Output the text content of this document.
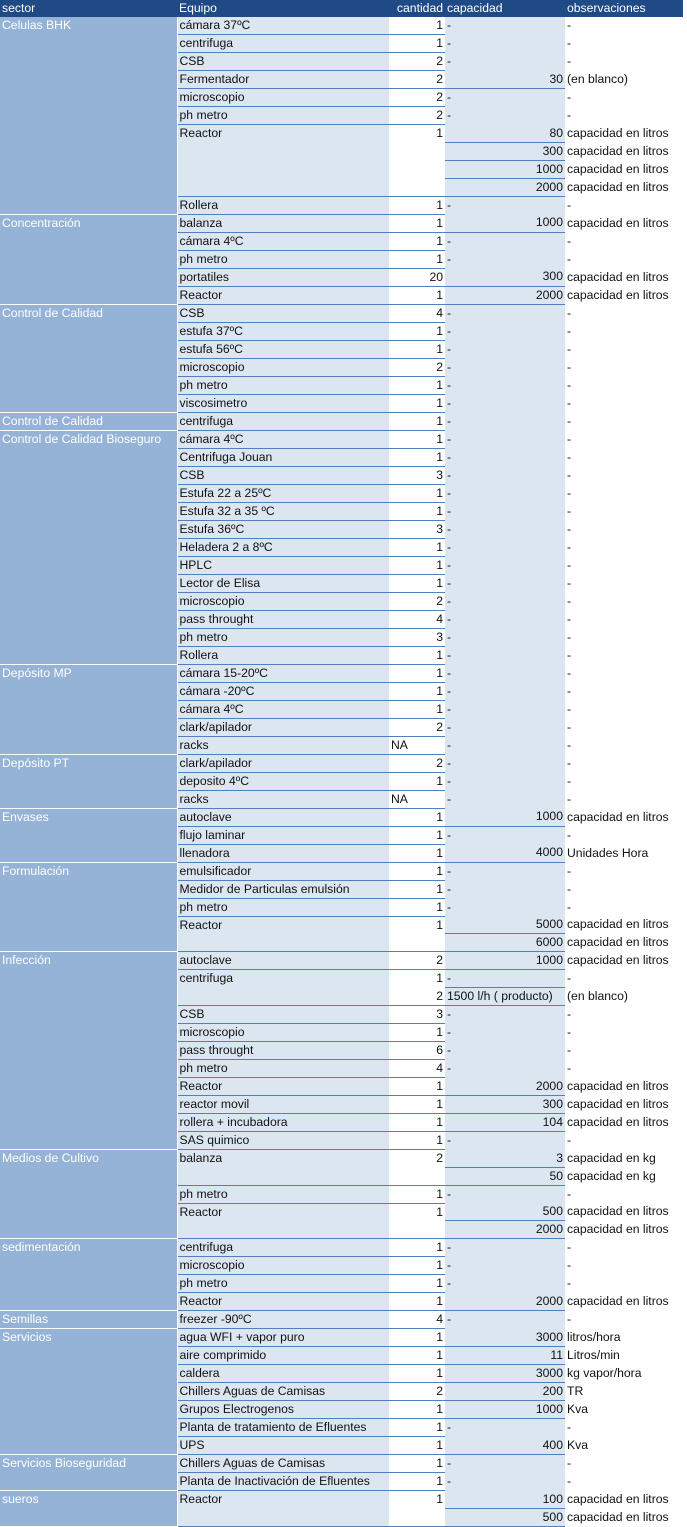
sector	Equipo	cantidad	capacidad	observaciones
Celulas BHK	cámara 37ºC	1	-	-
	centrifuga	1	-	-
	CSB	2	-	-
	Fermentador	2	30	(en blanco)
	microscopio	2	-	-
	ph metro	2	-	-
	Reactor	1	80	capacidad en litros
			300	capacidad en litros
			1000	capacidad en litros
			2000	capacidad en litros
	Rollera	1	-	-
Concentración	balanza	1	1000	capacidad en litros
	cámara 4ºC	1	-	-
	ph metro	1	-	-
	portatiles	20	300	capacidad en litros
	Reactor	1	2000	capacidad en litros
Control de Calidad	CSB	4	-	-
	estufa 37ºC	1	-	-
	estufa 56ºC	1	-	-
	microscopio	2	-	-
	ph metro	1	-	-
	viscosimetro	1	-	-
Control de Calidad	centrifuga	1	-	-
Control de Calidad Bioseguro	cámara 4ºC	1	-	-
	Centrifuga Jouan	1	-	-
	CSB	3	-	-
	Estufa 22 a 25ºC	1	-	-
	Estufa 32 a 35 ºC	1	-	-
	Estufa 36ºC	3	-	-
	Heladera 2 a 8ºC	1	-	-
	HPLC	1	-	-
	Lector de Elisa	1	-	-
	microscopio	2	-	-
	pass throught	4	-	-
	ph metro	3	-	-
	Rollera	1	-	-
Depósito MP	cámara 15-20ºC	1	-	-
	cámara -20ºC	1	-	-
	cámara 4ºC	1	-	-
	clark/apilador	2	-	-
	racks	NA	-	-
Depósito PT	clark/apilador	2	-	-
	deposito 4ºC	1	-	-
	racks	NA	-	-
Envases	autoclave	1	1000	capacidad en litros
	flujo laminar	1	-	-
	llenadora	1	4000	Unidades Hora
Formulación	emulsificador	1	-	-
	Medidor de Particulas emulsión	1	-	-
	ph metro	1	-	-
	Reactor	1	5000	capacidad en litros
			6000	capacidad en litros
Infección	autoclave	2	1000	capacidad en litros
	centrifuga	1	-	-
		2	1500 l/h ( producto)	(en blanco)
	CSB	3	-	-
	microscopio	1	-	-
	pass throught	6	-	-
	ph metro	4	-	-
	Reactor	1	2000	capacidad en litros
	reactor movil	1	300	capacidad en litros
	rollera + incubadora	1	104	capacidad en litros
	SAS quimico	1	-	-
Medios de Cultivo	balanza	2	3	capacidad en kg
			50	capacidad en kg
	ph metro	1	-	-
	Reactor	1	500	capacidad en litros
			2000	capacidad en litros
sedimentación	centrifuga	1	-	-
	microscopio	1	-	-
	ph metro	1	-	-
	Reactor	1	2000	capacidad en litros
Semillas	freezer -90ºC	4	-	-
Servicios	agua WFI + vapor puro	1	3000	litros/hora
	aire comprimido	1	11	Litros/min
	caldera	1	3000	kg vapor/hora
	Chillers Aguas de Camisas	2	200	TR
	Grupos Electrogenos	1	1000	Kva
	Planta de tratamiento de Efluentes	1	-	-
	UPS	1	400	Kva
Servicios Bioseguridad	Chillers Aguas de Camisas	1	-	-
	Planta de Inactivación de Efluentes	1	-	-
sueros	Reactor	1	100	capacidad en litros
			500	capacidad en litros
